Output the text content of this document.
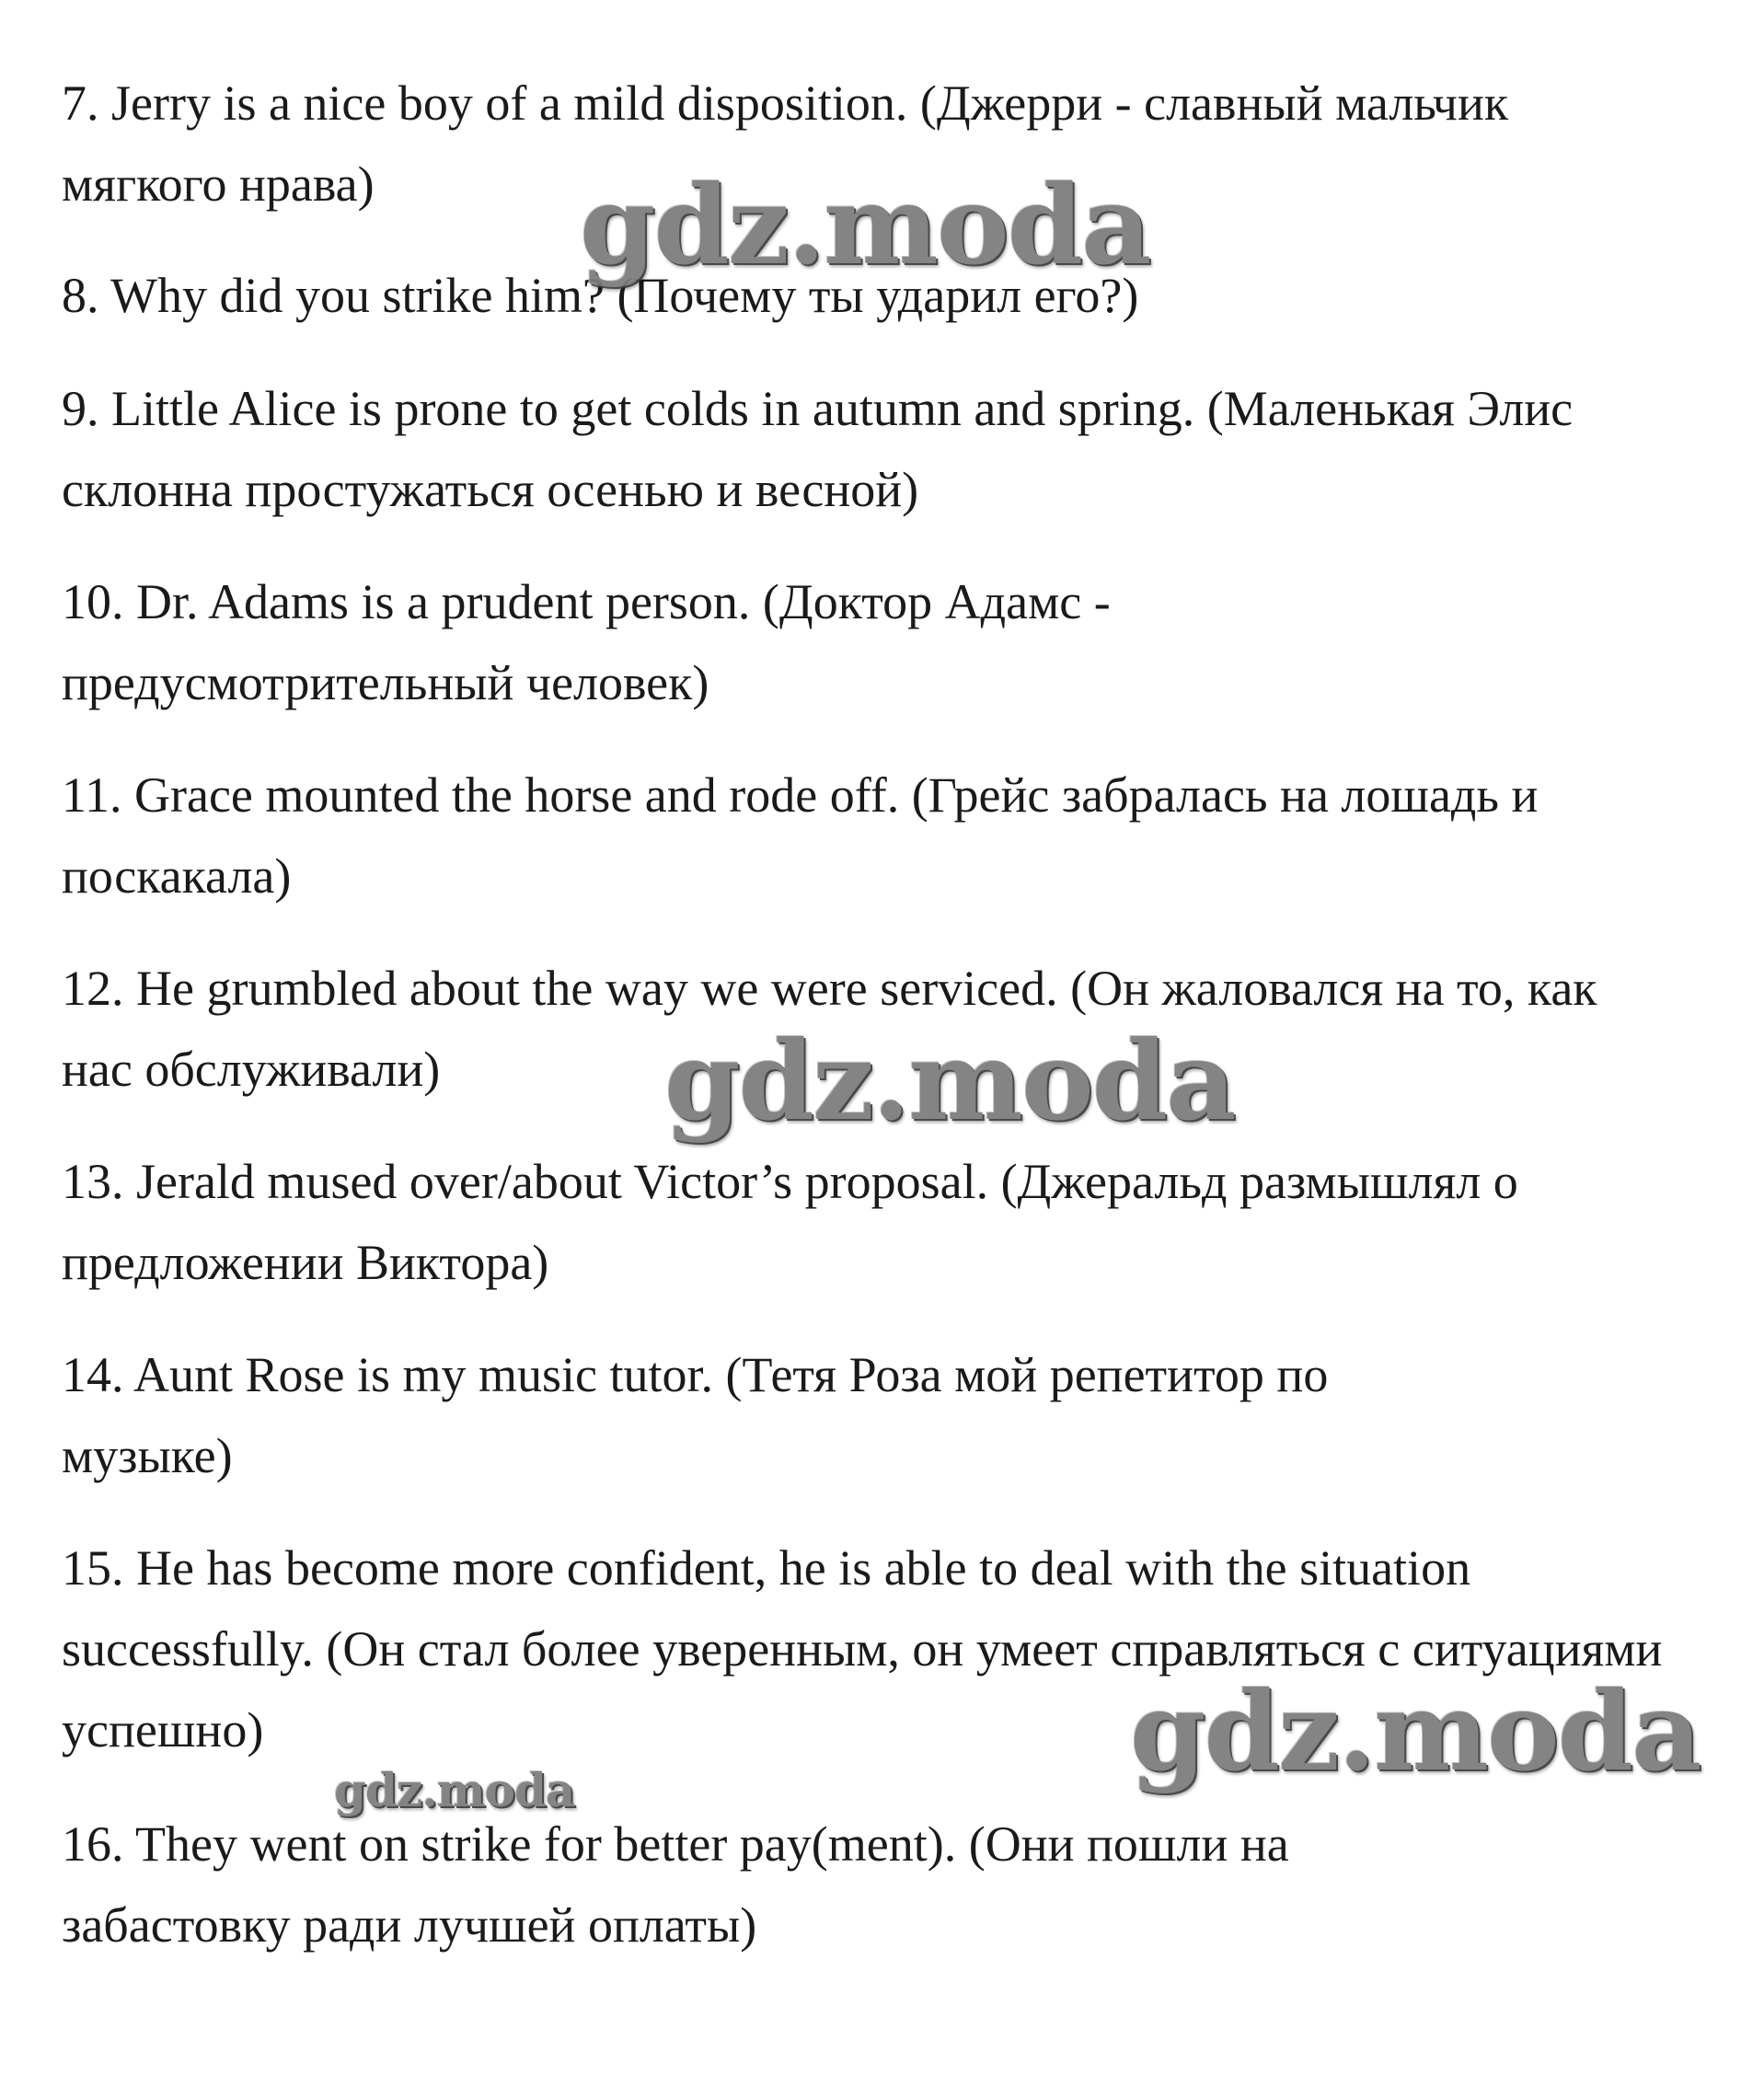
7. Jerry is a nice boy of a mild disposition. (Джерри - славный мальчик мягкого нрава)

8. Why did you strike him? (Почему ты ударил его?)

9. Little Alice is prone to get colds in autumn and spring. (Маленькая Элис склонна простужаться осенью и весной)

10. Dr. Adams is a prudent person. (Доктор Адамс - предусмотрительный человек)

11. Grace mounted the horse and rode off. (Грейс забралась на лошадь и поскакала)

12. He grumbled about the way we were serviced. (Он жаловался на то, как нас обслуживали)

13. Jerald mused over/about Victor’s proposal. (Джеральд размышлял о предложении Виктора)

14. Aunt Rose is my music tutor. (Тетя Роза мой репетитор по музыке)

15. He has become more confident, he is able to deal with the situation successfully. (Он стал более уверенным, он умеет справляться с ситуациями успешно)

16. They went on strike for better pay(ment). (Они пошли на забастовку ради лучшей оплаты)

gdz.moda
gdz.moda
gdz.moda
gdz.moda
